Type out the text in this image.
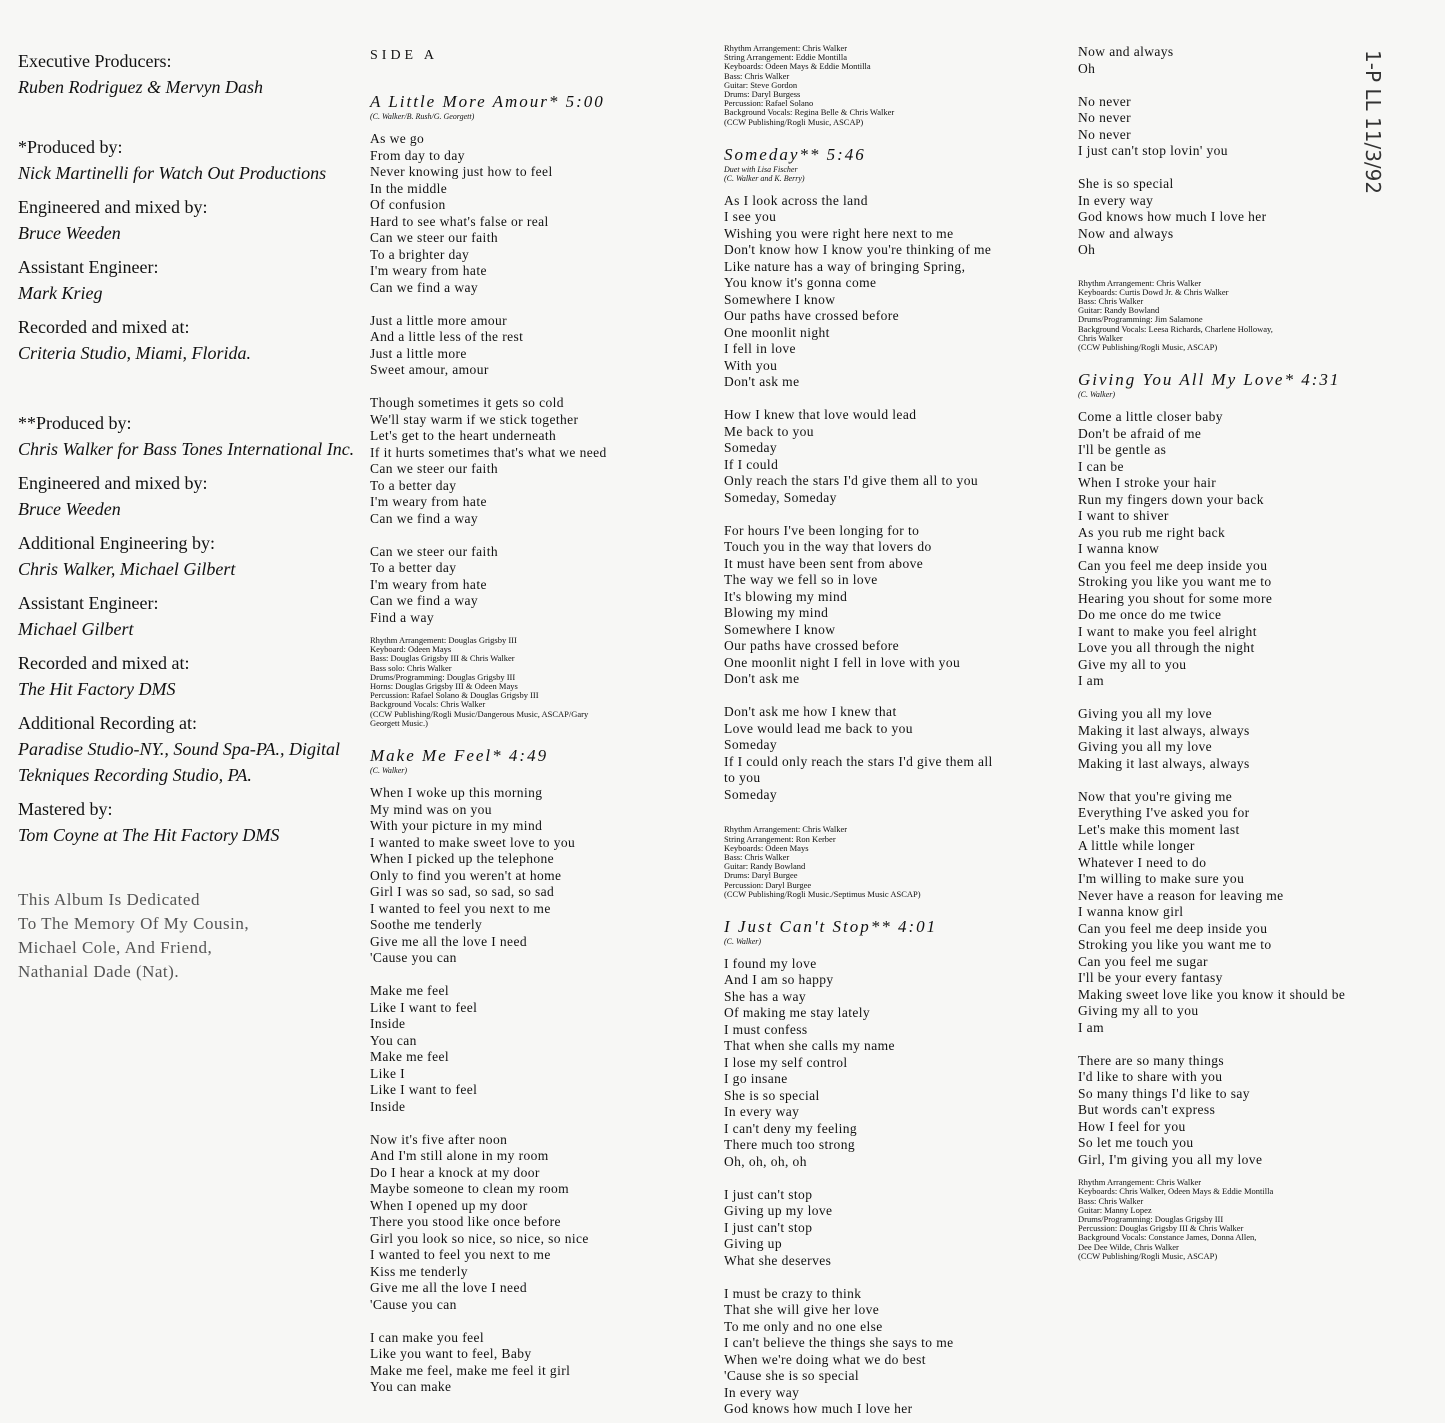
Executive Producers:

Ruben Rodriguez & Mervyn Dash

*Produced by:

Nick Martinelli for Watch Out Productions

Engineered and mixed by:

Bruce Weeden

Assistant Engineer:

Mark Krieg

Recorded and mixed at:

Criteria Studio, Miami, Florida.

**Produced by:

Chris Walker for Bass Tones International Inc.

Engineered and mixed by:

Bruce Weeden

Additional Engineering by:

Chris Walker, Michael Gilbert

Assistant Engineer:

Michael Gilbert

Recorded and mixed at:

The Hit Factory DMS

Additional Recording at:

Paradise Studio-NY., Sound Spa-PA., Digital Tekniques Recording Studio, PA.

Mastered by:

Tom Coyne at The Hit Factory DMS

This Album Is Dedicated
To The Memory Of My Cousin,
Michael Cole, And Friend,
Nathanial Dade (Nat).

SIDE A

A Little More Amour* 5:00

(C. Walker/B. Rush/G. Georgett)

As we go
From day to day
Never knowing just how to feel
In the middle
Of confusion
Hard to see what's false or real
Can we steer our faith
To a brighter day
I'm weary from hate
Can we find a way

Just a little more amour
And a little less of the rest
Just a little more
Sweet amour, amour

Though sometimes it gets so cold
We'll stay warm if we stick together
Let's get to the heart underneath
If it hurts sometimes that's what we need
Can we steer our faith
To a better day
I'm weary from hate
Can we find a way

Can we steer our faith
To a better day
I'm weary from hate
Can we find a way
Find a way

Rhythm Arrangement: Douglas Grigsby III
Keyboard: Odeen Mays
Bass: Douglas Grigsby III & Chris Walker
Bass solo: Chris Walker
Drums/Programming: Douglas Grigsby III
Horns: Douglas Grigsby III & Odeen Mays
Percussion: Rafael Solano & Douglas Grigsby III
Background Vocals: Chris Walker
(CCW Publishing/Rogli Music/Dangerous Music, ASCAP/Gary
Georgett Music.)

Make Me Feel* 4:49

(C. Walker)

When I woke up this morning
My mind was on you
With your picture in my mind
I wanted to make sweet love to you
When I picked up the telephone
Only to find you weren't at home
Girl I was so sad, so sad, so sad
I wanted to feel you next to me
Soothe me tenderly
Give me all the love I need
'Cause you can

Make me feel
Like I want to feel
Inside
You can
Make me feel
Like I
Like I want to feel
Inside

Now it's five after noon
And I'm still alone in my room
Do I hear a knock at my door
Maybe someone to clean my room
When I opened up my door
There you stood like once before
Girl you look so nice, so nice, so nice
I wanted to feel you next to me
Kiss me tenderly
Give me all the love I need
'Cause you can

I can make you feel
Like you want to feel, Baby
Make me feel, make me feel it girl
You can make

Rhythm Arrangement: Chris Walker
String Arrangement: Eddie Montilla
Keyboards: Odeen Mays & Eddie Montilla
Bass: Chris Walker
Guitar: Steve Gordon
Drums: Daryl Burgess
Percussion: Rafael Solano
Background Vocals: Regina Belle & Chris Walker
(CCW Publishing/Rogli Music, ASCAP)

Someday** 5:46

Duet with Lisa Fischer

(C. Walker and K. Berry)

As I look across the land
I see you
Wishing you were right here next to me
Don't know how I know you're thinking of me
Like nature has a way of bringing Spring,
You know it's gonna come
Somewhere I know
Our paths have crossed before
One moonlit night
I fell in love
With you
Don't ask me

How I knew that love would lead
Me back to you
Someday
If I could
Only reach the stars I'd give them all to you
Someday, Someday

For hours I've been longing for to
Touch you in the way that lovers do
It must have been sent from above
The way we fell so in love
It's blowing my mind
Blowing my mind
Somewhere I know
Our paths have crossed before
One moonlit night I fell in love with you
Don't ask me

Don't ask me how I knew that
Love would lead me back to you
Someday
If I could only reach the stars I'd give them all
to you
Someday

Rhythm Arrangement: Chris Walker
String Arrangement: Ron Kerber
Keyboards: Odeen Mays
Bass: Chris Walker
Guitar: Randy Bowland
Drums: Daryl Burgee
Percussion: Daryl Burgee
(CCW Publishing/Rogli Music./Septimus Music ASCAP)

I Just Can't Stop** 4:01

(C. Walker)

I found my love
And I am so happy
She has a way
Of making me stay lately
I must confess
That when she calls my name
I lose my self control
I go insane
She is so special
In every way
I can't deny my feeling
There much too strong
Oh, oh, oh, oh

I just can't stop
Giving up my love
I just can't stop
Giving up
What she deserves

I must be crazy to think
That she will give her love
To me only and no one else
I can't believe the things she says to me
When we're doing what we do best
'Cause she is so special
In every way
God knows how much I love her

Now and always
Oh

No never
No never
No never
I just can't stop lovin' you

She is so special
In every way
God knows how much I love her
Now and always
Oh

Rhythm Arrangement: Chris Walker
Keyboards: Curtis Dowd Jr. & Chris Walker
Bass: Chris Walker
Guitar: Randy Bowland
Drums/Programming: Jim Salamone
Background Vocals: Leesa Richards, Charlene Holloway,
Chris Walker
(CCW Publishing/Rogli Music, ASCAP)

Giving You All My Love* 4:31

(C. Walker)

Come a little closer baby
Don't be afraid of me
I'll be gentle as
I can be
When I stroke your hair
Run my fingers down your back
I want to shiver
As you rub me right back
I wanna know
Can you feel me deep inside you
Stroking you like you want me to
Hearing you shout for some more
Do me once do me twice
I want to make you feel alright
Love you all through the night
Give my all to you
I am

Giving you all my love
Making it last always, always
Giving you all my love
Making it last always, always

Now that you're giving me
Everything I've asked you for
Let's make this moment last
A little while longer
Whatever I need to do
I'm willing to make sure you
Never have a reason for leaving me
I wanna know girl
Can you feel me deep inside you
Stroking you like you want me to
Can you feel me sugar
I'll be your every fantasy
Making sweet love like you know it should be
Giving my all to you
I am

There are so many things
I'd like to share with you
So many things I'd like to say
But words can't express
How I feel for you
So let me touch you
Girl, I'm giving you all my love

Rhythm Arrangement: Chris Walker
Keyboards: Chris Walker, Odeen Mays & Eddie Montilla
Bass: Chris Walker
Guitar: Manny Lopez
Drums/Programming: Douglas Grigsby III
Percussion: Douglas Grigsby III & Chris Walker
Background Vocals: Constance James, Donna Allen,
Dee Dee Wilde, Chris Walker
(CCW Publishing/Rogli Music, ASCAP)

1-P LL 11/3/92
